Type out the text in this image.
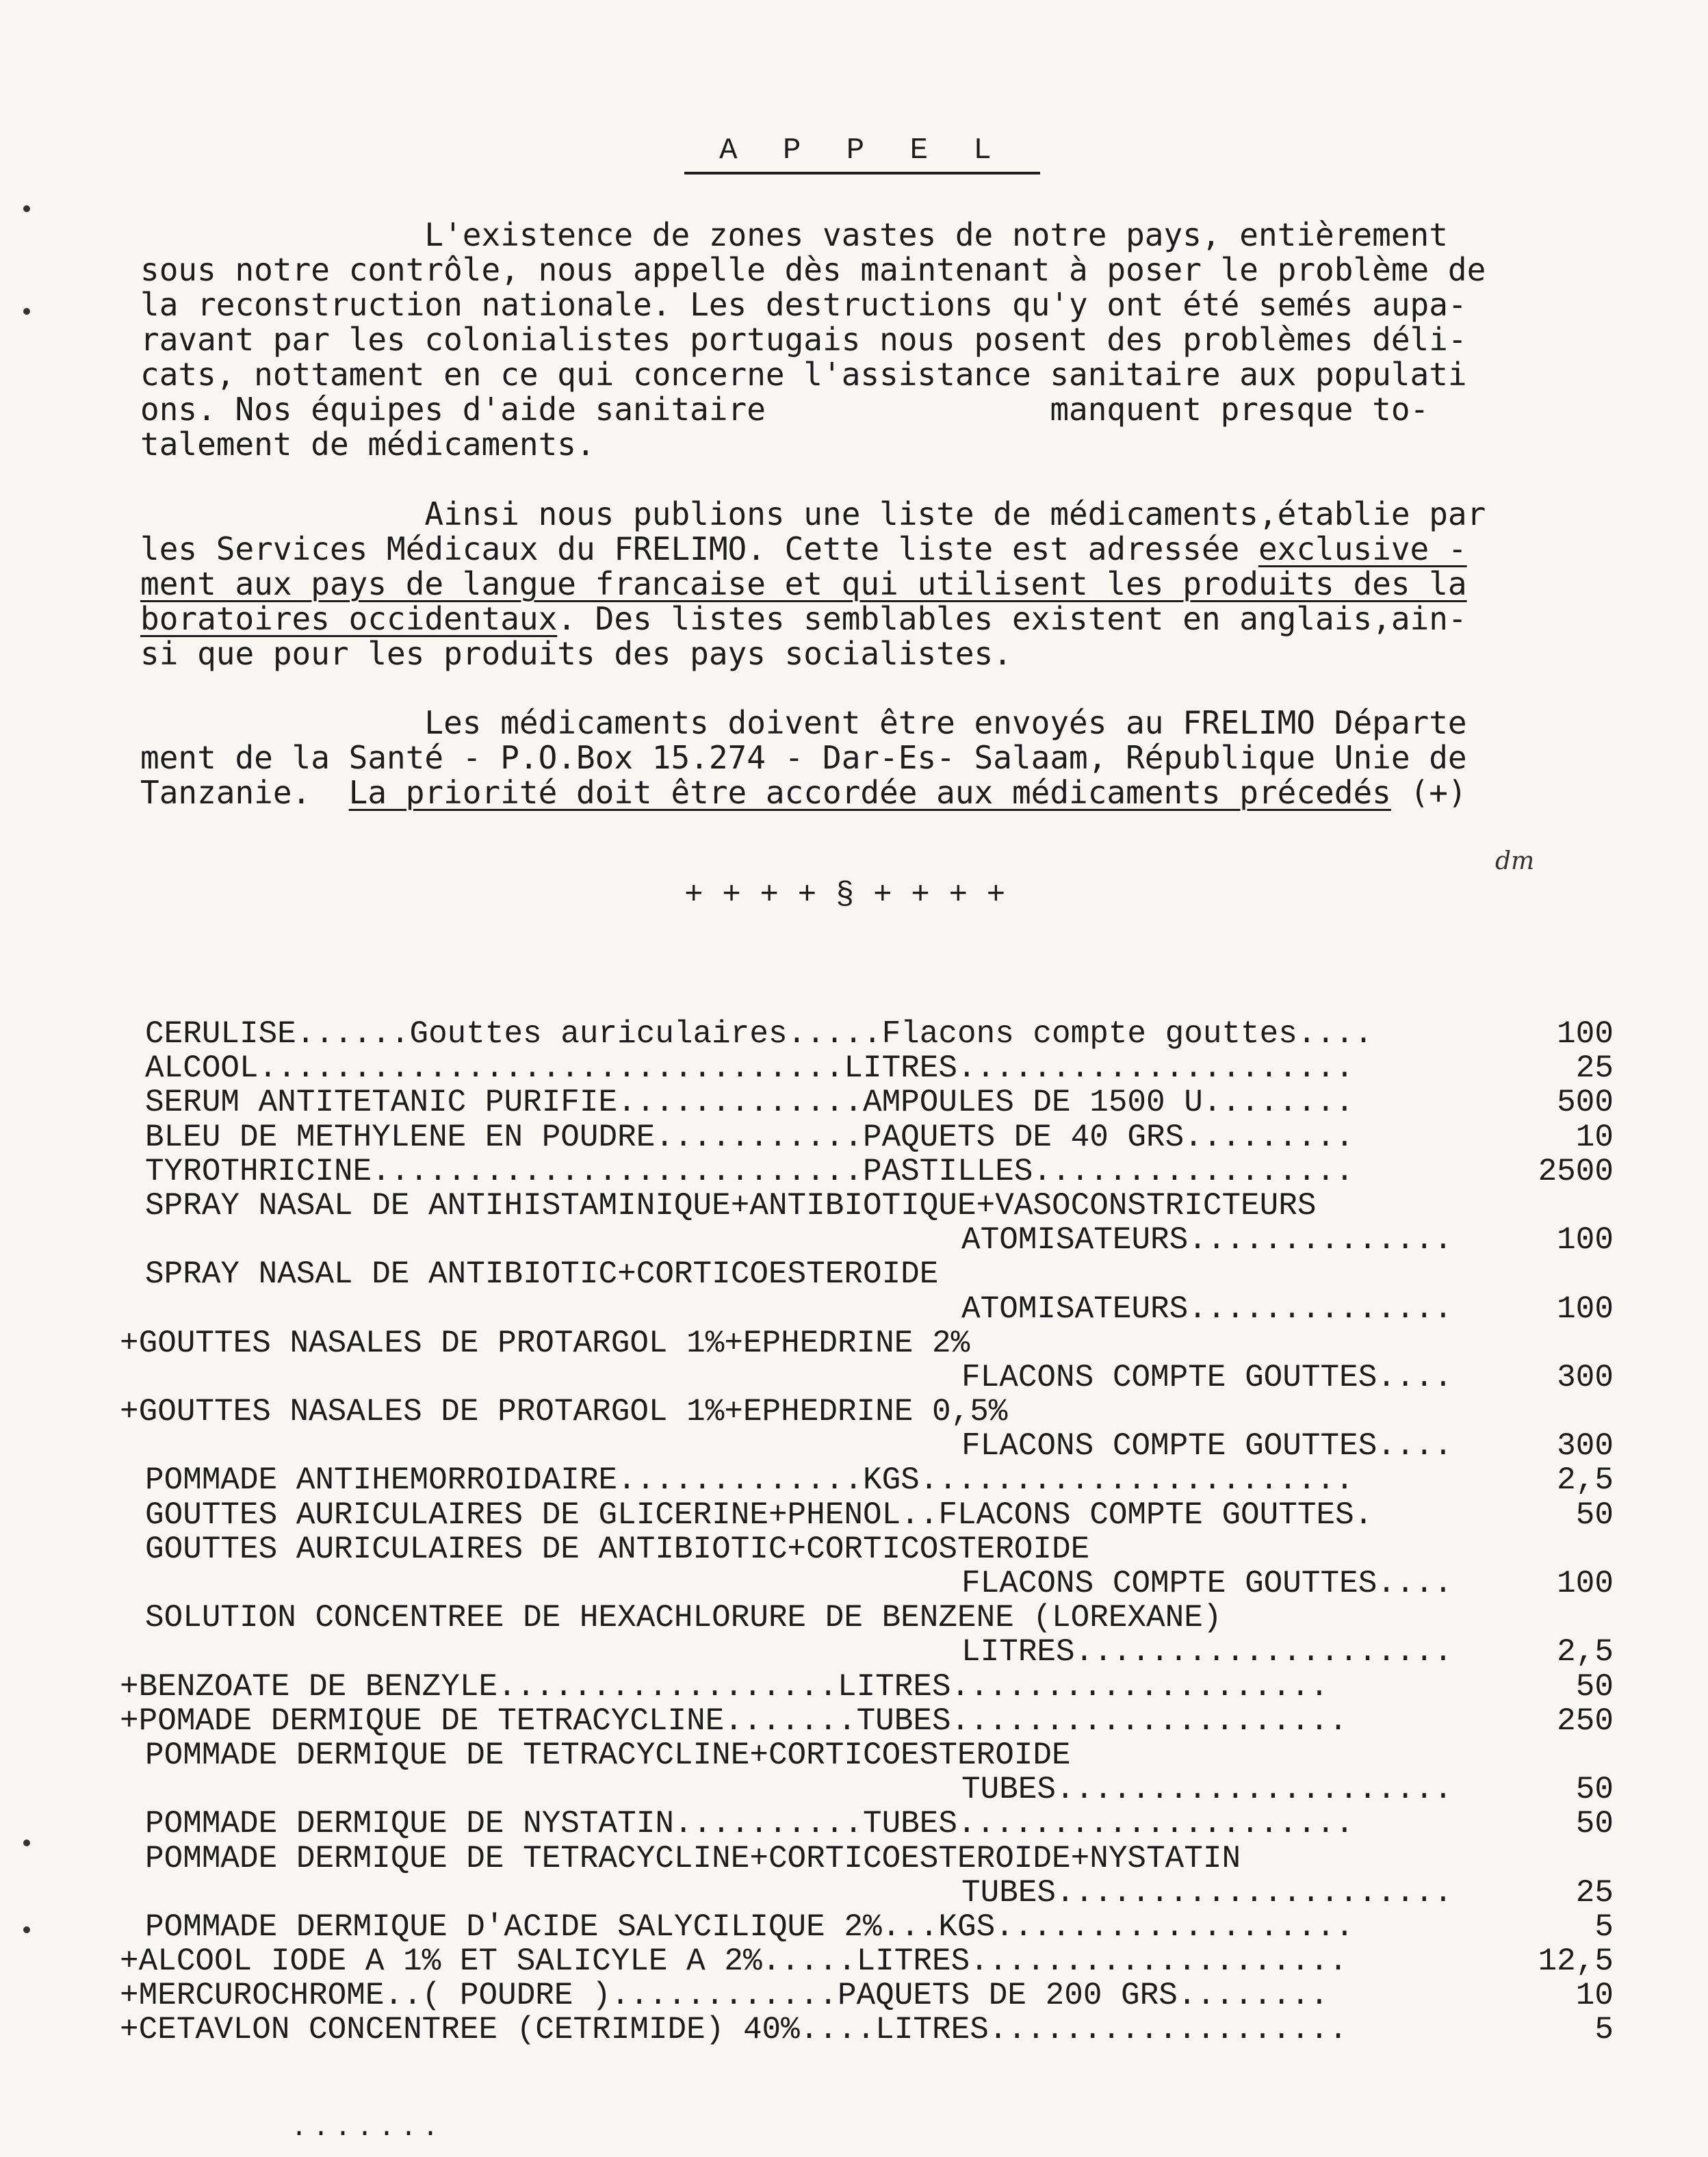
A P P E L
L'existence de zones vastes de notre pays, entièrement
sous notre contrôle, nous appelle dès maintenant à poser le problème de
la reconstruction nationale. Les destructions qu'y ont été semés aupa-
ravant par les colonialistes portugais nous posent des problèmes déli-
cats, nottament en ce qui concerne l'assistance sanitaire aux populati
ons. Nos équipes d'aide sanitaire               manquent presque to-
talement de médicaments.
Ainsi nous publions une liste de médicaments,établie par
les Services Médicaux du FRELIMO. Cette liste est adressée exclusive -
ment aux pays de langue francaise et qui utilisent les produits des la
boratoires occidentaux. Des listes semblables existent en anglais,ain-
si que pour les produits des pays socialistes.
Les médicaments doivent être envoyés au FRELIMO Départe
ment de la Santé - P.O.Box 15.274 - Dar-Es- Salaam, République Unie de
Tanzanie.  La priorité doit être accordée aux médicaments précedés (+)
dm
+ + + + § + + + +
CERULISE......Gouttes auriculaires.....Flacons compte gouttes....	100
ALCOOL...............................LITRES.....................	25
SERUM ANTITETANIC PURIFIE.............AMPOULES DE 1500 U........	500
BLEU DE METHYLENE EN POUDRE...........PAQUETS DE 40 GRS.........	10
TYROTHRICINE..........................PASTILLES.................	2500
SPRAY NASAL DE ANTIHISTAMINIQUE+ANTIBIOTIQUE+VASOCONSTRICTEURS
ATOMISATEURS..............	100
SPRAY NASAL DE ANTIBIOTIC+CORTICOESTEROIDE
ATOMISATEURS..............	100
+GOUTTES NASALES DE PROTARGOL 1%+EPHEDRINE 2%
FLACONS COMPTE GOUTTES....	300
+GOUTTES NASALES DE PROTARGOL 1%+EPHEDRINE 0,5%
FLACONS COMPTE GOUTTES....	300
POMMADE ANTIHEMORROIDAIRE.............KGS.......................	2,5
GOUTTES AURICULAIRES DE GLICERINE+PHENOL..FLACONS COMPTE GOUTTES.	50
GOUTTES AURICULAIRES DE ANTIBIOTIC+CORTICOSTEROIDE
FLACONS COMPTE GOUTTES....	100
SOLUTION CONCENTREE DE HEXACHLORURE DE BENZENE (LOREXANE)
LITRES....................	2,5
+BENZOATE DE BENZYLE..................LITRES....................	50
+POMADE DERMIQUE DE TETRACYCLINE.......TUBES.....................	250
POMMADE DERMIQUE DE TETRACYCLINE+CORTICOESTEROIDE
TUBES.....................	50
POMMADE DERMIQUE DE NYSTATIN..........TUBES.....................	50
POMMADE DERMIQUE DE TETRACYCLINE+CORTICOESTEROIDE+NYSTATIN
TUBES.....................	25
POMMADE DERMIQUE D'ACIDE SALYCILIQUE 2%...KGS...................	5
+ALCOOL IODE A 1% ET SALICYLE A 2%.....LITRES....................	12,5
+MERCUROCHROME..( POUDRE )............PAQUETS DE 200 GRS........	10
+CETAVLON CONCENTREE (CETRIMIDE) 40%....LITRES...................	5
.......
